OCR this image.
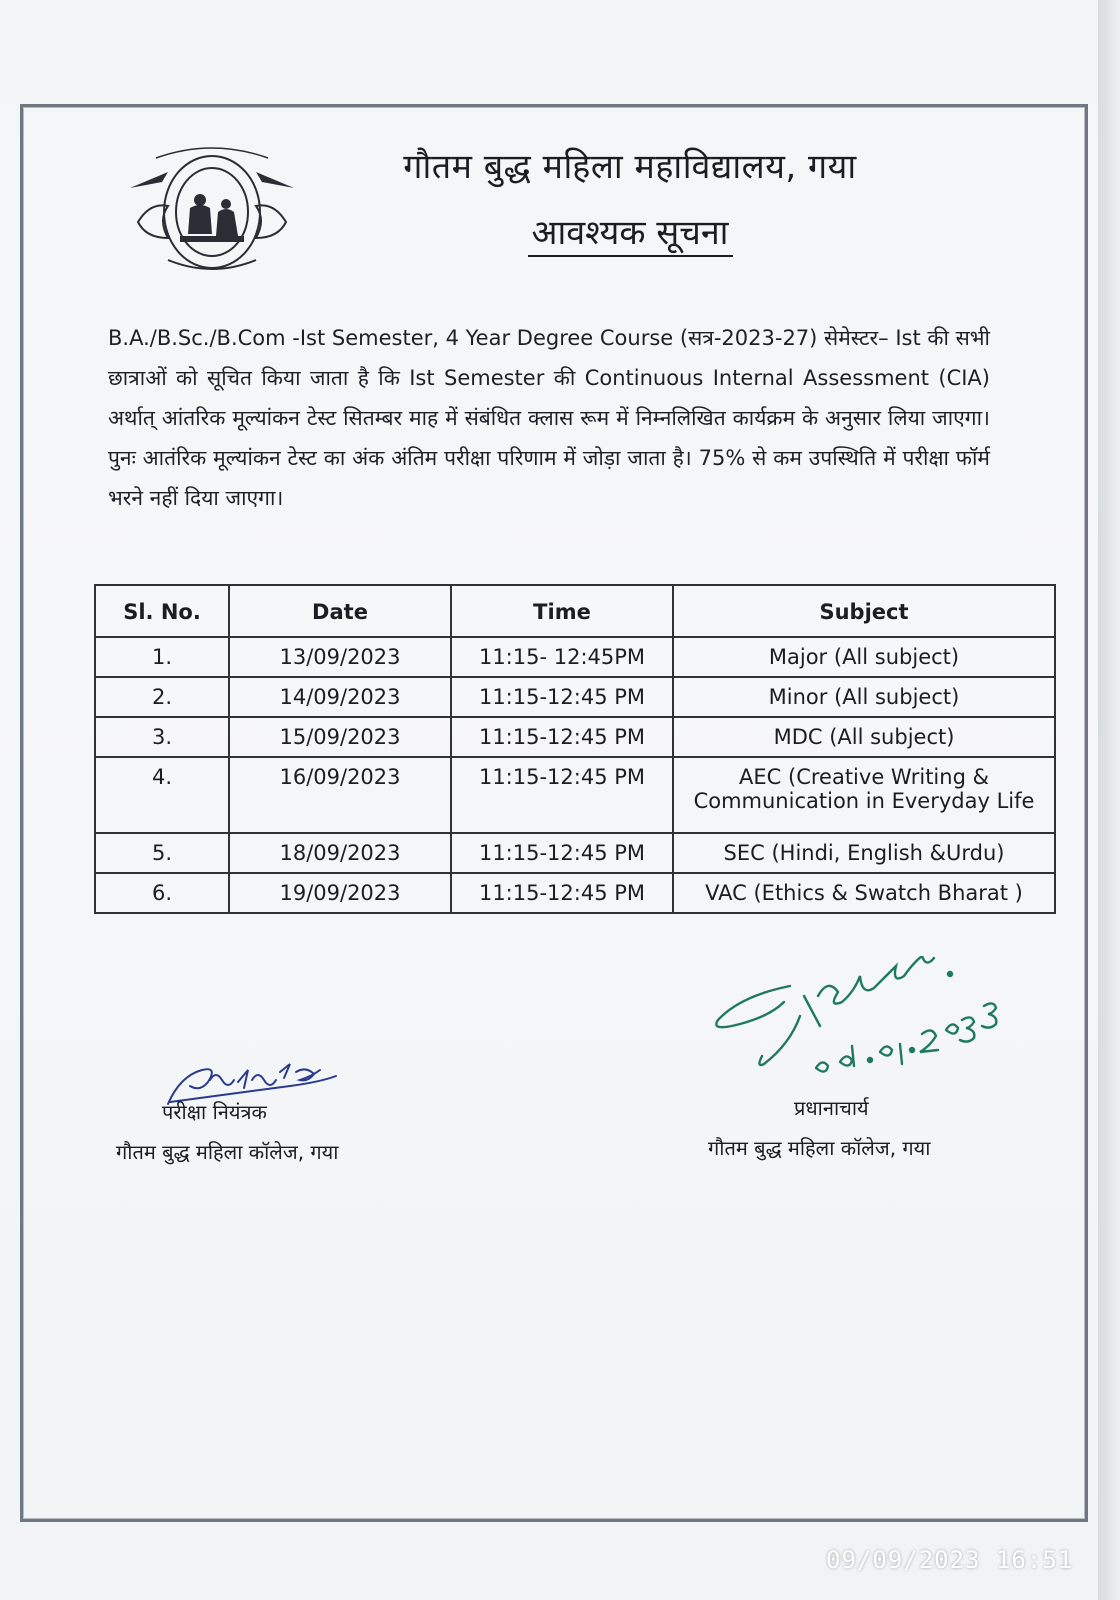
गौतम बुद्ध महिला महाविद्यालय, गया
आवश्यक सूचना

B.A./B.Sc./B.Com -Ist Semester, 4 Year Degree Course (सत्र-2023-27) सेमेस्टर– Ist की सभी छात्राओं को सूचित किया जाता है कि Ist Semester की Continuous Internal Assessment (CIA) अर्थात् आंतरिक मूल्यांकन टेस्ट सितम्बर माह में संबंधित क्लास रूम में निम्नलिखित कार्यक्रम के अनुसार लिया जाएगा। पुनः आतंरिक मूल्यांकन टेस्ट का अंक अंतिम परीक्षा परिणाम में जोड़ा जाता है। 75% से कम उपस्थिति में परीक्षा फॉर्म भरने नहीं दिया जाएगा।

Sl. No.	Date	Time	Subject
1.	13/09/2023	11:15- 12:45PM	Major (All subject)
2.	14/09/2023	11:15-12:45 PM	Minor (All subject)
3.	15/09/2023	11:15-12:45 PM	MDC (All subject)
4.	16/09/2023	11:15-12:45 PM	AEC (Creative Writing &
Communication in Everyday Life

5.	18/09/2023	11:15-12:45 PM	SEC (Hindi, English &Urdu)
6.	19/09/2023	11:15-12:45 PM	VAC (Ethics & Swatch Bharat )
परीक्षा नियंत्रक
गौतम बुद्ध महिला कॉलेज, गया
प्रधानाचार्य
गौतम बुद्ध महिला कॉलेज, गया
09/09/2023 16:51
